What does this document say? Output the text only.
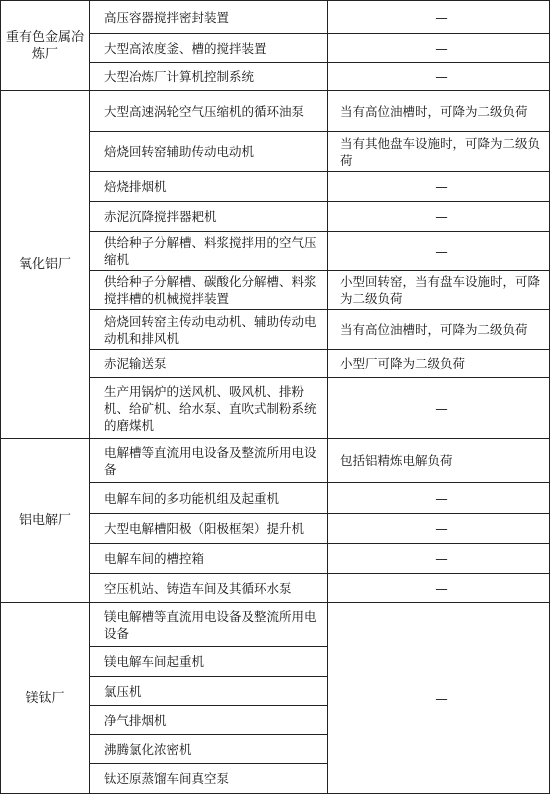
重有色金属冶炼厂	高压容器搅拌密封装置	—
	大型高浓度釜、槽的搅拌装置	—
	大型冶炼厂计算机控制系统	—
氧化铝厂	大型高速涡轮空气压缩机的循环油泵	当有高位油槽时，可降为二级负荷
	焙烧回转窑辅助传动电动机	当有其他盘车设施时，可降为二级负荷
	焙烧排烟机	—
	赤泥沉降搅拌器耙机	—
	供给种子分解槽、料浆搅拌用的空气压缩机	—
	供给种子分解槽、碳酸化分解槽、料浆搅拌槽的机械搅拌装置	小型回转窑，当有盘车设施时，可降为二级负荷
	焙烧回转窑主传动电动机、辅助传动电动机和排风机	当有高位油槽时，可降为二级负荷
	赤泥输送泵	小型厂可降为二级负荷
	生产用锅炉的送风机、吸风机、排粉机、给矿机、给水泵、直吹式制粉系统的磨煤机	—
铝电解厂	电解槽等直流用电设备及整流所用电设备	包括铝精炼电解负荷
	电解车间的多功能机组及起重机	—
	大型电解槽阳极（阳极框架）提升机	—
	电解车间的槽控箱	—
	空压机站、铸造车间及其循环水泵	—
镁钛厂	镁电解槽等直流用电设备及整流所用电设备	—
	镁电解车间起重机	
	氯压机	
	净气排烟机	
	沸腾氯化浓密机	
	钛还原蒸馏车间真空泵	
